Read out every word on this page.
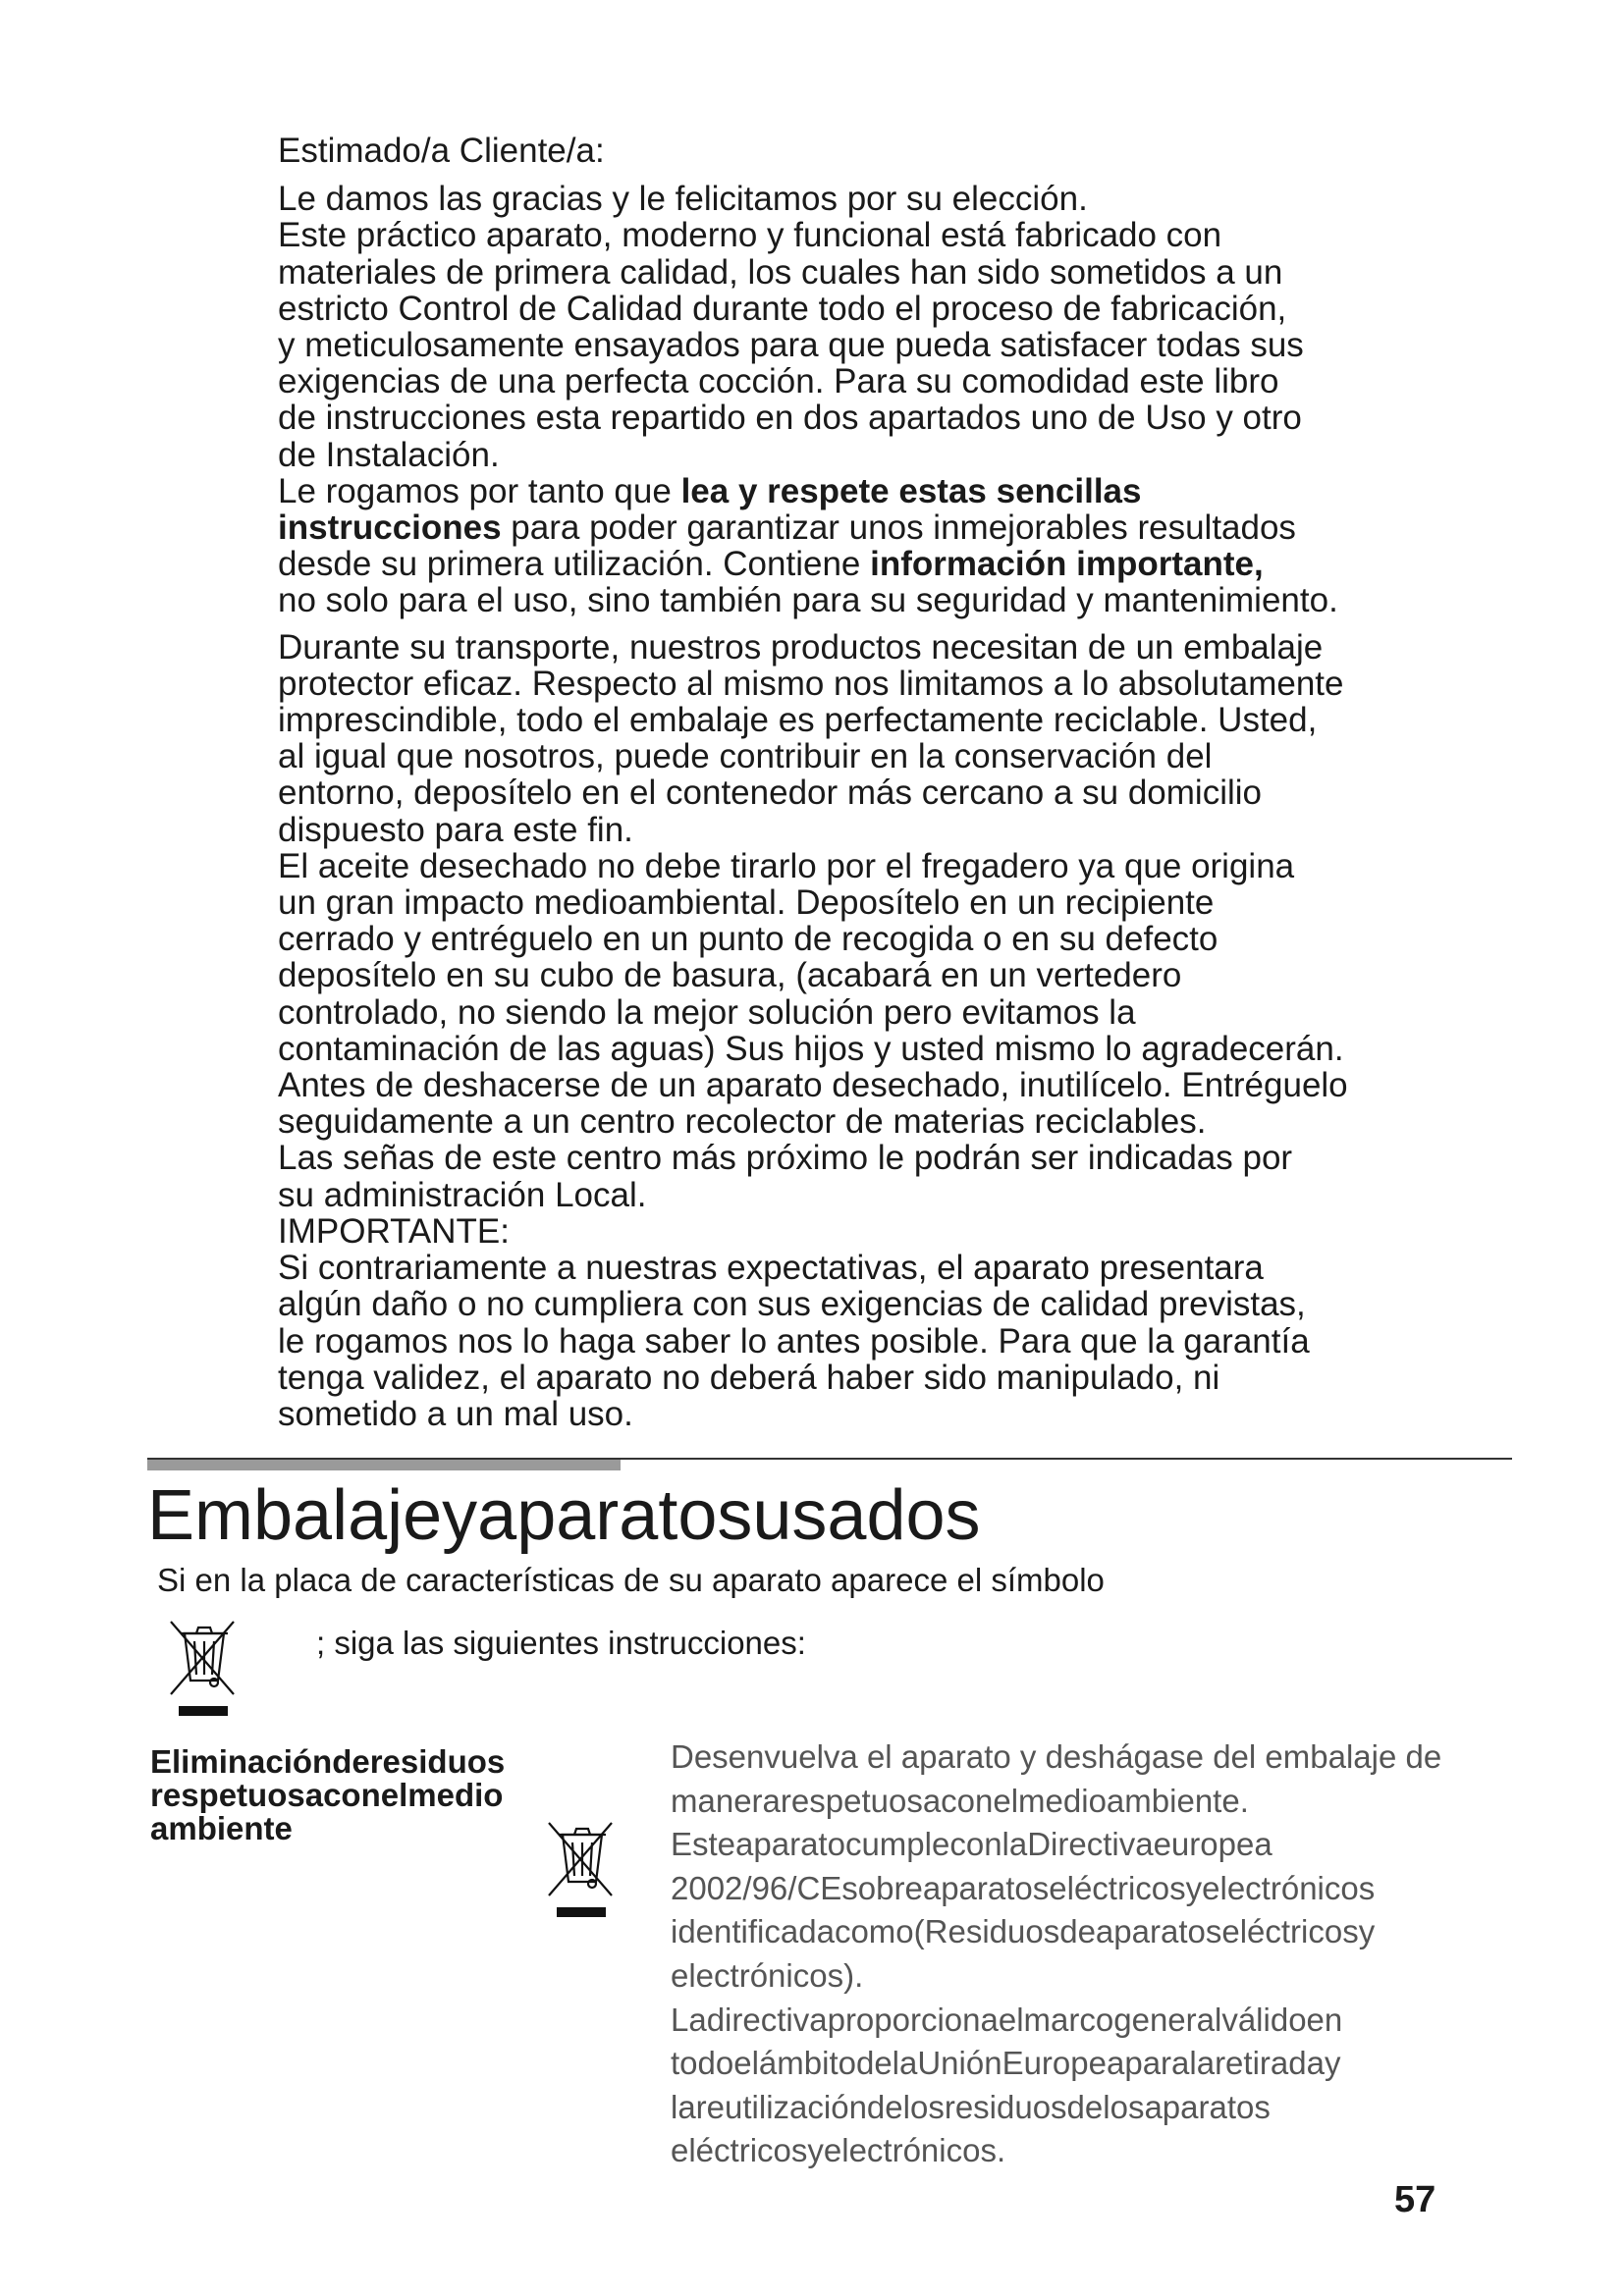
Estimado/a Cliente/a:
Le damos las gracias y le felicitamos por su elección.
Este práctico aparato, moderno y funcional está fabricado con
materiales de primera calidad, los cuales han sido sometidos a un
estricto Control de Calidad durante todo el proceso de fabricación,
y meticulosamente ensayados para que pueda satisfacer todas sus
exigencias de una perfecta cocción. Para su comodidad este libro
de instrucciones esta repartido en dos apartados uno de Uso y otro
de Instalación.
Le rogamos por tanto que lea y respete estas sencillas
instrucciones para poder garantizar unos inmejorables resultados
desde su primera utilización. Contiene información importante,
no solo para el uso, sino también para su seguridad y mantenimiento.
Durante su transporte, nuestros productos necesitan de un embalaje
protector eficaz. Respecto al mismo nos limitamos a lo absolutamente
imprescindible, todo el embalaje es perfectamente reciclable. Usted,
al igual que nosotros, puede contribuir en la conservación del
entorno, deposítelo en el contenedor más cercano a su domicilio
dispuesto para este fin.
El aceite desechado no debe tirarlo por el fregadero ya que origina
un gran impacto medioambiental. Deposítelo en un recipiente
cerrado y entréguelo en un punto de recogida o en su defecto
deposítelo en su cubo de basura, (acabará en un vertedero
controlado, no siendo la mejor solución pero evitamos la
contaminación de las aguas) Sus hijos y usted mismo lo agradecerán.
Antes de deshacerse de un aparato desechado, inutilícelo. Entréguelo
seguidamente a un centro recolector de materias reciclables.
Las señas de este centro más próximo le podrán ser indicadas por
su administración Local.
IMPORTANTE:
Si contrariamente a nuestras expectativas, el aparato presentara
algún daño o no cumpliera con sus exigencias de calidad previstas,
le rogamos nos lo haga saber lo antes posible. Para que la garantía
tenga validez, el aparato no deberá haber sido manipulado, ni
sometido a un mal uso.
Embalajeyaparatosusados
Si en la placa de características de su aparato aparece el símbolo
; siga las siguientes instrucciones:
Eliminaciónderesiduos
respetuosaconelmedio
ambiente
Desenvuelva el aparato y deshágase del embalaje de
manerarespetuosaconelmedioambiente.
EsteaparatocumpleconlaDirectivaeuropea
2002/96/CEsobreaparatoseléctricosyelectrónicos
identificadacomo(Residuosdeaparatoseléctricosy
electrónicos).
Ladirectivaproporcionaelmarcogeneralválidoen
todoelámbitodelaUniónEuropeaparalaretiraday
lareutilizacióndelosresiduosdelosaparatos
eléctricosyelectrónicos.
57
